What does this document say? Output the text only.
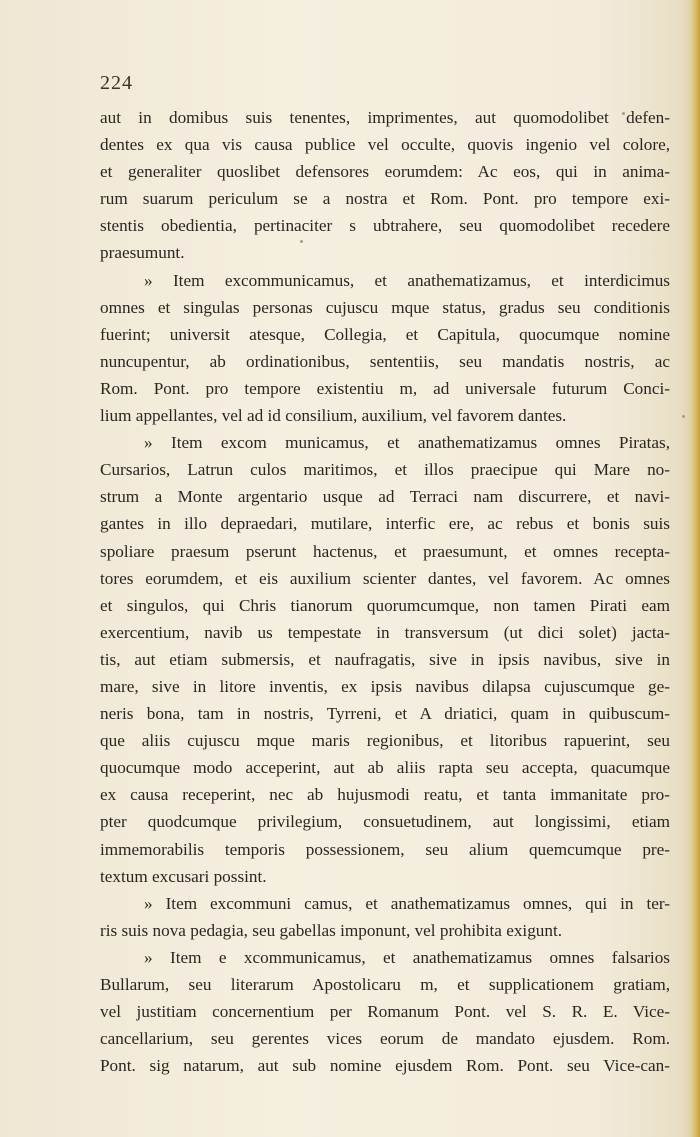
224
aut in domibus suis tenentes, imprimentes, aut quomodolibet defen-
dentes ex qua vis causa publice vel occulte, quovis ingenio vel colore,
et generaliter quoslibet defensores eorumdem: Ac eos, qui in anima-
rum suarum periculum se a nostra et Rom. Pont. pro tempore exi-
stentis obedientia, pertinaciter s ubtrahere, seu quomodolibet recedere
praesumunt.
» Item excommunicamus, et anathematizamus, et interdicimus
omnes et singulas personas cujuscu mque status, gradus seu conditionis
fuerint; universit atesque, Collegia, et Capitula, quocumque nomine
nuncupentur, ab ordinationibus, sententiis, seu mandatis nostris, ac
Rom. Pont. pro tempore existentiu m, ad universale futurum Conci-
lium appellantes, vel ad id consilium, auxilium, vel favorem dantes.
» Item excom municamus, et anathematizamus omnes Piratas,
Cursarios, Latrun culos maritimos, et illos praecipue qui Mare no-
strum a Monte argentario usque ad Terraci nam discurrere, et navi-
gantes in illo depraedari, mutilare, interfic ere, ac rebus et bonis suis
spoliare praesum pserunt hactenus, et praesumunt, et omnes recepta-
tores eorumdem, et eis auxilium scienter dantes, vel favorem. Ac omnes
et singulos, qui Chris tianorum quorumcumque, non tamen Pirati eam
exercentium, navib us tempestate in transversum (ut dici solet) jacta-
tis, aut etiam submersis, et naufragatis, sive in ipsis navibus, sive in
mare, sive in litore inventis, ex ipsis navibus dilapsa cujuscumque ge-
neris bona, tam in nostris, Tyrreni, et A driatici, quam in quibuscum-
que aliis cujuscu mque maris regionibus, et litoribus rapuerint, seu
quocumque modo acceperint, aut ab aliis rapta seu accepta, quacumque
ex causa receperint, nec ab hujusmodi reatu, et tanta immanitate pro-
pter quodcumque privilegium, consuetudinem, aut longissimi, etiam
immemorabilis temporis possessionem, seu alium quemcumque pre-
textum excusari possint.
» Item excommuni camus, et anathematizamus omnes, qui in ter-
ris suis nova pedagia, seu gabellas imponunt, vel prohibita exigunt.
» Item e xcommunicamus, et anathematizamus omnes falsarios
Bullarum, seu literarum Apostolicaru m, et supplicationem gratiam,
vel justitiam concernentium per Romanum Pont. vel S. R. E. Vice-
cancellarium, seu gerentes vices eorum de mandato ejusdem. Rom.
Pont. sig natarum, aut sub nomine ejusdem Rom. Pont. seu Vice-can-
